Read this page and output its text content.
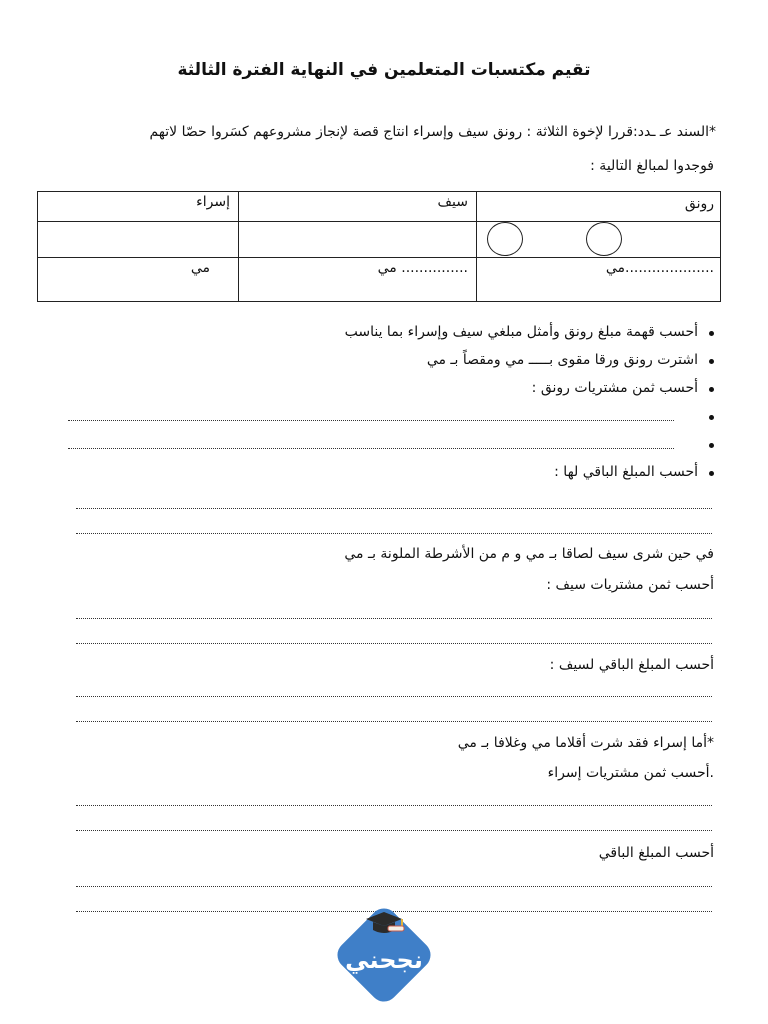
تقيم مكتسبات المتعلمين في النهاية الفترة الثالثة
*السند عـ ـدد:قررا لإخوة الثلاثة : رونق سيف وإسراء انتاج قصة لإنجاز مشروعهم كسَروا حصّا لاتهم
فوجدوا لمبالغ التالية :
رونق
سيف
إسراء
....................مي
............... مي
مي
أحسب قهمة مبلغ رونق وأمثل مبلغي سيف وإسراء بما يناسب
اشترت رونق ورقا مقوى بـــــ مي ومقصاً بـ مي
أحسب ثمن مشتريات رونق :
أحسب المبلغ الباقي لها :
في حين شرى سيف لصاقا بـ مي و م من الأشرطة الملونة بـ مي
أحسب ثمن مشتريات سيف :
أحسب المبلغ الباقي لسيف :
*أما إسراء فقد شرت أقلاما مي وغلافا بـ مي
.أحسب ثمن مشتريات إسراء
أحسب المبلغ الباقي
نجحني
